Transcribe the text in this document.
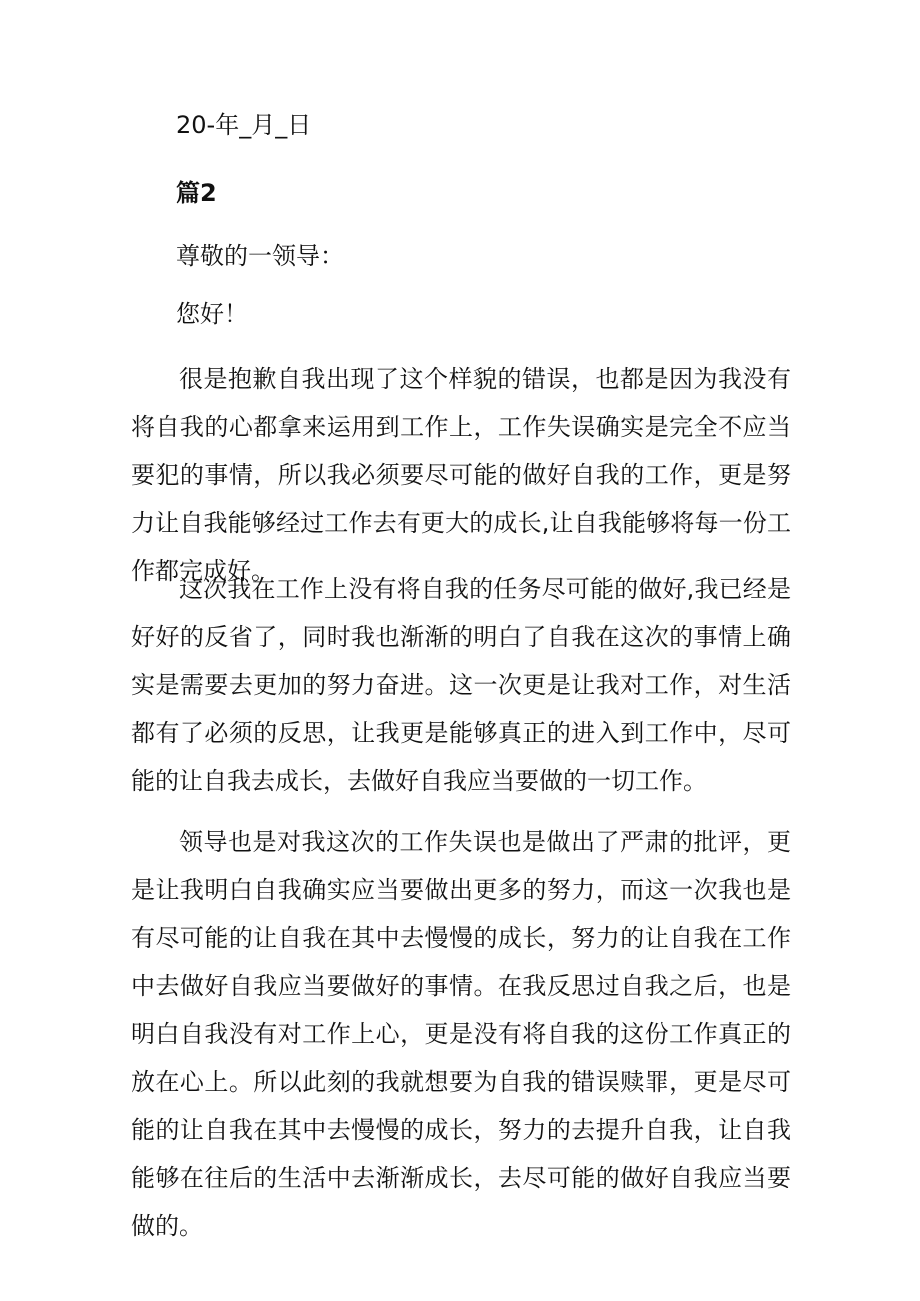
20-年_月_日

篇2

尊敬的一领导：

您好！

很是抱歉自我出现了这个样貌的错误，也都是因为我没有将自我的心都拿来运用到工作上，工作失误确实是完全不应当要犯的事情，所以我必须要尽可能的做好自我的工作，更是努力让自我能够经过工作去有更大的成长,让自我能够将每一份工作都完成好。

这次我在工作上没有将自我的任务尽可能的做好,我已经是好好的反省了，同时我也渐渐的明白了自我在这次的事情上确实是需要去更加的努力奋进。这一次更是让我对工作，对生活都有了必须的反思，让我更是能够真正的进入到工作中，尽可能的让自我去成长，去做好自我应当要做的一切工作。

领导也是对我这次的工作失误也是做出了严肃的批评，更是让我明白自我确实应当要做出更多的努力，而这一次我也是有尽可能的让自我在其中去慢慢的成长，努力的让自我在工作中去做好自我应当要做好的事情。在我反思过自我之后，也是明白自我没有对工作上心，更是没有将自我的这份工作真正的放在心上。所以此刻的我就想要为自我的错误赎罪，更是尽可能的让自我在其中去慢慢的成长，努力的去提升自我，让自我能够在往后的生活中去渐渐成长，去尽可能的做好自我应当要做的。
